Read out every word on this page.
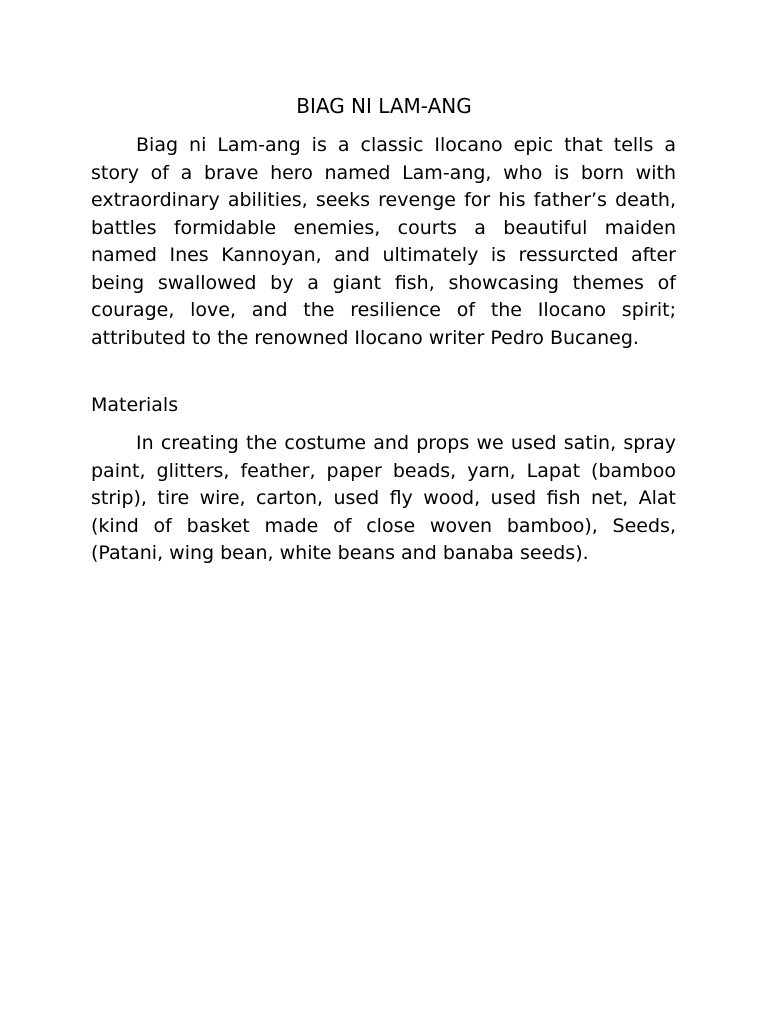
BIAG NI LAM-ANG

Biag ni Lam-ang is a classic Ilocano epic that tells a story of a brave hero named Lam-ang, who is born with extraordinary abilities, seeks revenge for his father’s death, battles formidable enemies, courts a beautiful maiden named Ines Kannoyan, and ultimately is ressurcted after being swallowed by a giant fish, showcasing themes of courage, love, and the resilience of the Ilocano spirit; attributed to the renowned Ilocano writer Pedro Bucaneg.

Materials

In creating the costume and props we used satin, spray paint, glitters, feather, paper beads, yarn, Lapat (bamboo strip), tire wire, carton, used fly wood, used fish net, Alat (kind of basket made of close woven bamboo), Seeds, (Patani, wing bean, white beans and banaba seeds).
